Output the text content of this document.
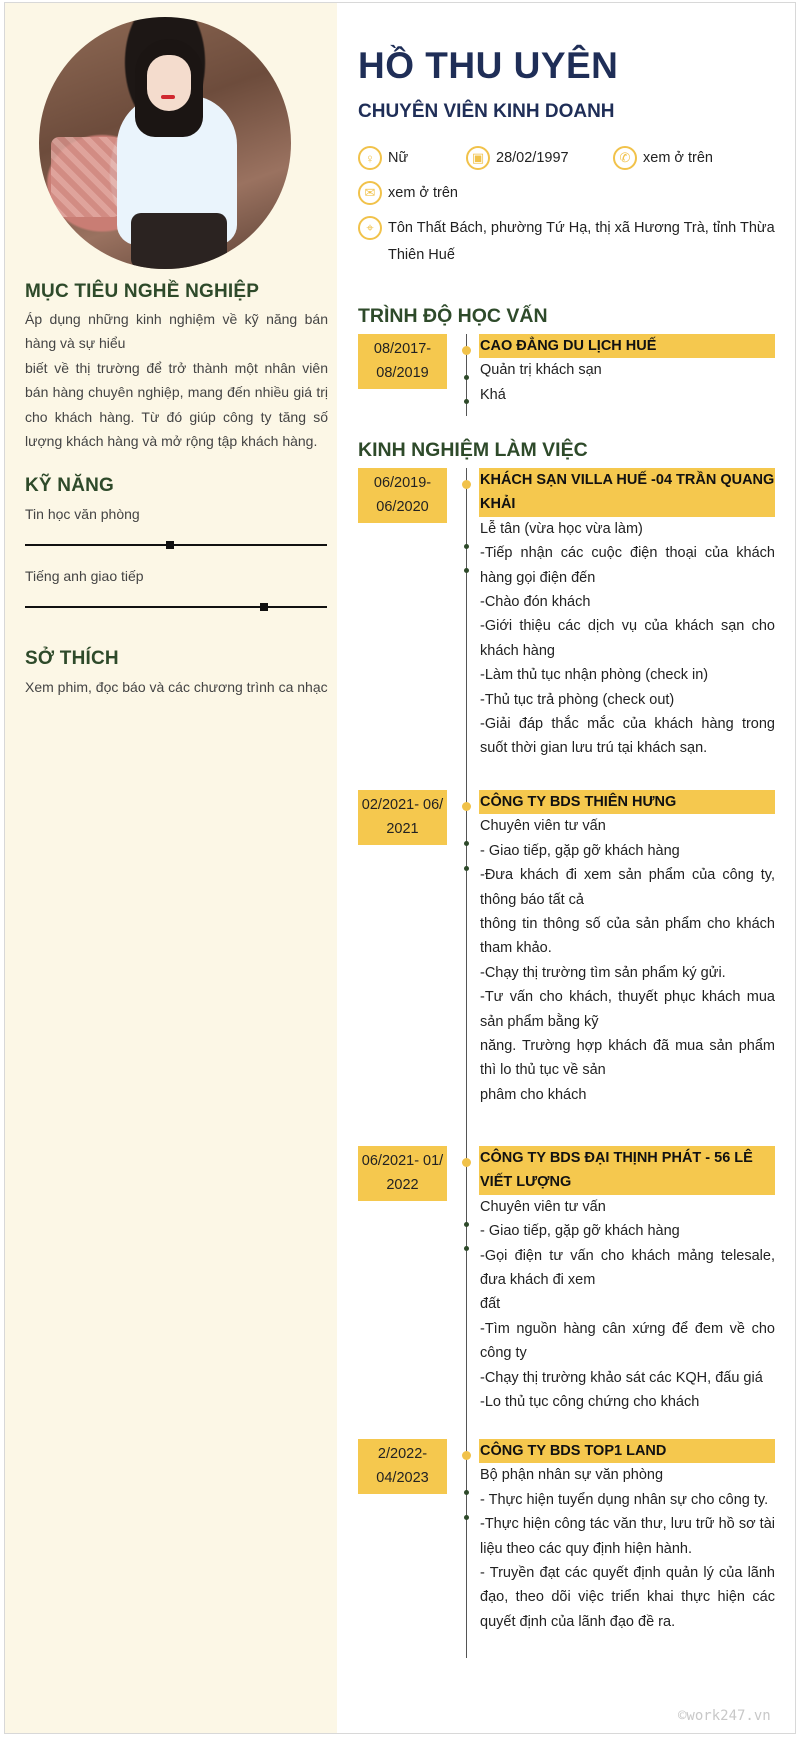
MỤC TIÊU NGHỀ NGHIỆP
Áp dụng những kinh nghiệm về kỹ năng bán hàng và sự hiểu
biết về thị trường để trở thành một nhân viên bán hàng chuyên nghiệp, mang đến nhiều giá trị cho khách hàng. Từ đó giúp công ty tăng số lượng khách hàng và mở rộng tập khách hàng.
KỸ NĂNG
Tin học văn phòng
Tiếng anh giao tiếp
SỞ THÍCH
Xem phim, đọc báo và các chương trình ca nhạc
HỒ THU UYÊN
CHUYÊN VIÊN KINH DOANH
♀ Nữ	▣ 28/02/1997	✆ xem ở trên
✉ xem ở trên
⌖ Tôn Thất Bách, phường Tứ Hạ, thị xã Hương Trà, tỉnh Thừa Thiên Huế
TRÌNH ĐỘ HỌC VẤN
08/2017- 08/2019
CAO ĐẲNG DU LỊCH HUẾ
Quản trị khách sạn
Khá
KINH NGHIỆM LÀM VIỆC
06/2019- 06/2020
KHÁCH SẠN VILLA HUẾ -04 TRẦN QUANG KHẢI
Lễ tân (vừa học vừa làm)
-Tiếp nhận các cuộc điện thoại của khách hàng gọi điện đến
-Chào đón khách
-Giới thiệu các dịch vụ của khách sạn cho khách hàng
-Làm thủ tục nhận phòng (check in)
-Thủ tục trả phòng (check out)
-Giải đáp thắc mắc của khách hàng trong suốt thời gian lưu trú tại khách sạn.
02/2021- 06/ 2021
CÔNG TY BDS THIÊN HƯNG
Chuyên viên tư vấn
- Giao tiếp, gặp gỡ khách hàng
-Đưa khách đi xem sản phẩm của công ty, thông báo tất cả
thông tin thông số của sản phẩm cho khách tham khảo.
-Chạy thị trường tìm sản phẩm ký gửi.
-Tư vấn cho khách, thuyết phục khách mua sản phẩm bằng kỹ
năng. Trường hợp khách đã mua sản phẩm thì lo thủ tục về sản
phâm cho khách
06/2021- 01/ 2022
CÔNG TY BDS ĐẠI THỊNH PHÁT - 56 LÊ VIẾT LƯỢNG
Chuyên viên tư vấn
- Giao tiếp, gặp gỡ khách hàng
-Gọi điện tư vấn cho khách mảng telesale, đưa khách đi xem
đất
-Tìm nguồn hàng cân xứng để đem về cho công ty
-Chạy thị trường khảo sát các KQH, đấu giá
-Lo thủ tục công chứng cho khách
2/2022- 04/2023
CÔNG TY BDS TOP1 LAND
Bộ phận nhân sự văn phòng
- Thực hiện tuyển dụng nhân sự cho công ty.
-Thực hiện công tác văn thư, lưu trữ hồ sơ tài liệu theo các quy định hiện hành.
- Truyền đạt các quyết định quản lý của lãnh đạo, theo dõi việc triển khai thực hiện các quyết định của lãnh đạo đề ra.
©work247.vn
